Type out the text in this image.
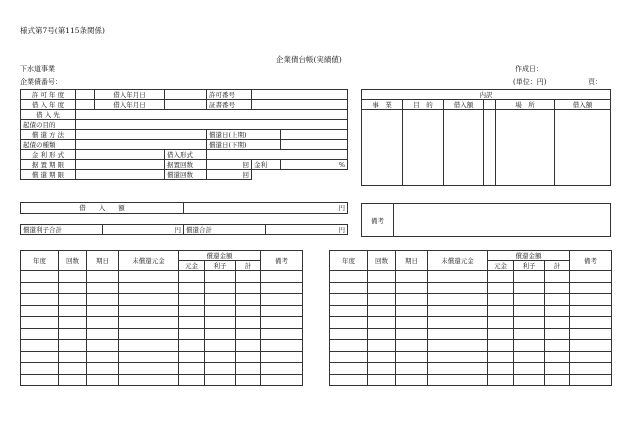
様式第7号(第115条関係)
企業債台帳(実績値)
下水道事業	作成日：
企業債番号：	(単位：円)	頁：
許 可 年 度		借入年月日		許可番号		
借 入 年 度		借入年月日		証書番号		
借 入 先						
起債の目的						
償 還 方 法				償還日(上期)		
起債の種類				償還日(下期)		
金 利 形 式			借入形式			
据 置 期 限			据置回数	回	金利	%
償 還 期 限			償還回数	回		
内訳					
事　業	目　的	借入額		場　所	借入額

借　　入　　額		円	

償還利子合計	円	償還合計	円
備考
年度	回数	期日	未償還元金	償還金額			備考
				元金	利子	計	

年度	回数	期日	未償還元金	償還金額			備考
				元金	利子	計	
